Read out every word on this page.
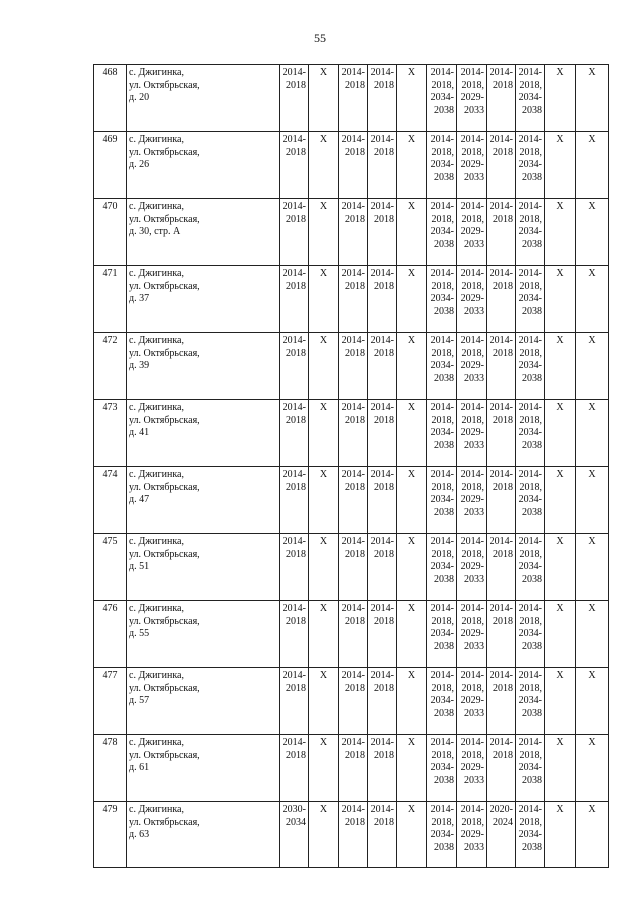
55
468	с. Джигинка,
ул. Октябрьская,
д. 20	2014-
2018	X	2014-
2018	2014-
2018	X	2014-
2018,
2034-
2038	2014-
2018,
2029-
2033	2014-
2018	2014-
2018,
2034-
2038	X	X

469	с. Джигинка,
ул. Октябрьская,
д. 26	2014-
2018	X	2014-
2018	2014-
2018	X	2014-
2018,
2034-
2038	2014-
2018,
2029-
2033	2014-
2018	2014-
2018,
2034-
2038	X	X

470	с. Джигинка,
ул. Октябрьская,
д. 30, стр. А	2014-
2018	X	2014-
2018	2014-
2018	X	2014-
2018,
2034-
2038	2014-
2018,
2029-
2033	2014-
2018	2014-
2018,
2034-
2038	X	X

471	с. Джигинка,
ул. Октябрьская,
д. 37	2014-
2018	X	2014-
2018	2014-
2018	X	2014-
2018,
2034-
2038	2014-
2018,
2029-
2033	2014-
2018	2014-
2018,
2034-
2038	X	X

472	с. Джигинка,
ул. Октябрьская,
д. 39	2014-
2018	X	2014-
2018	2014-
2018	X	2014-
2018,
2034-
2038	2014-
2018,
2029-
2033	2014-
2018	2014-
2018,
2034-
2038	X	X

473	с. Джигинка,
ул. Октябрьская,
д. 41	2014-
2018	X	2014-
2018	2014-
2018	X	2014-
2018,
2034-
2038	2014-
2018,
2029-
2033	2014-
2018	2014-
2018,
2034-
2038	X	X

474	с. Джигинка,
ул. Октябрьская,
д. 47	2014-
2018	X	2014-
2018	2014-
2018	X	2014-
2018,
2034-
2038	2014-
2018,
2029-
2033	2014-
2018	2014-
2018,
2034-
2038	X	X

475	с. Джигинка,
ул. Октябрьская,
д. 51	2014-
2018	X	2014-
2018	2014-
2018	X	2014-
2018,
2034-
2038	2014-
2018,
2029-
2033	2014-
2018	2014-
2018,
2034-
2038	X	X

476	с. Джигинка,
ул. Октябрьская,
д. 55	2014-
2018	X	2014-
2018	2014-
2018	X	2014-
2018,
2034-
2038	2014-
2018,
2029-
2033	2014-
2018	2014-
2018,
2034-
2038	X	X

477	с. Джигинка,
ул. Октябрьская,
д. 57	2014-
2018	X	2014-
2018	2014-
2018	X	2014-
2018,
2034-
2038	2014-
2018,
2029-
2033	2014-
2018	2014-
2018,
2034-
2038	X	X

478	с. Джигинка,
ул. Октябрьская,
д. 61	2014-
2018	X	2014-
2018	2014-
2018	X	2014-
2018,
2034-
2038	2014-
2018,
2029-
2033	2014-
2018	2014-
2018,
2034-
2038	X	X

479	с. Джигинка,
ул. Октябрьская,
д. 63	2030-
2034	X	2014-
2018	2014-
2018	X	2014-
2018,
2034-
2038	2014-
2018,
2029-
2033	2020-
2024	2014-
2018,
2034-
2038	X	X
